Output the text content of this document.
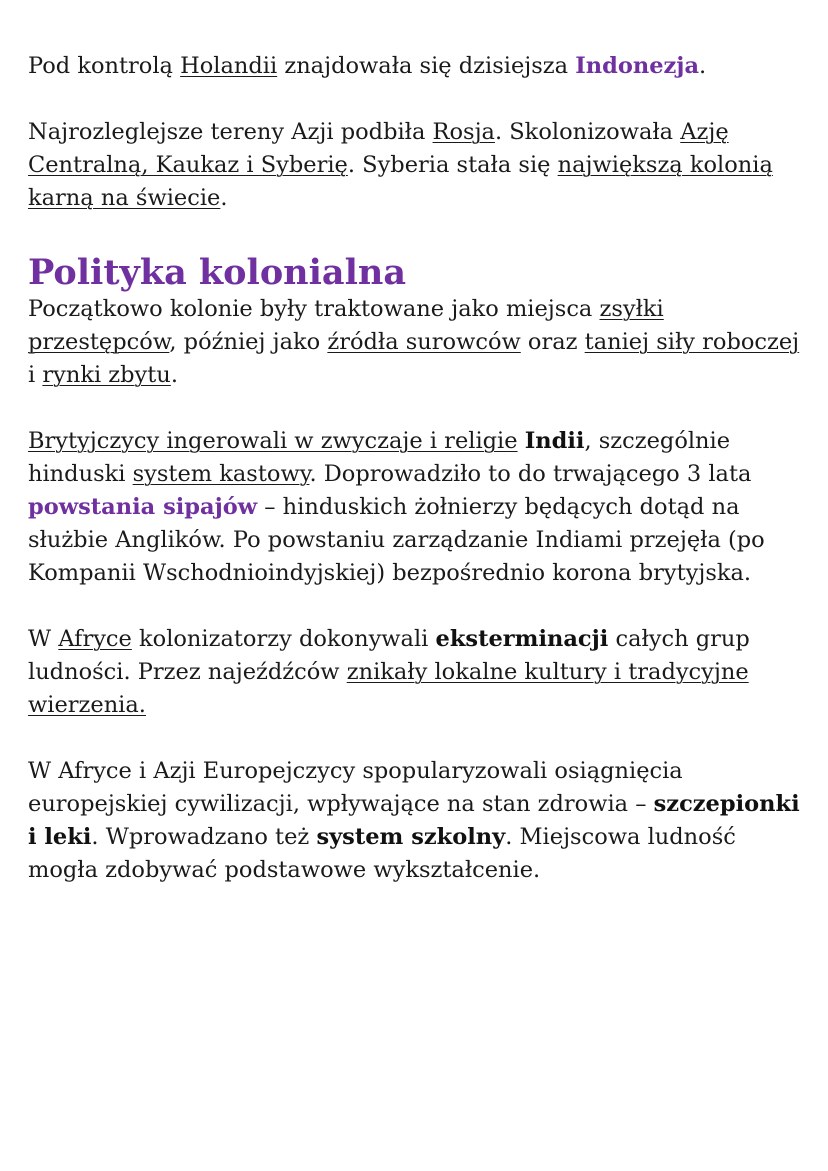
Pod kontrolą Holandii znajdowała się dzisiejsza Indonezja.

Najrozleglejsze tereny Azji podbiła Rosja. Skolonizowała Azję Centralną, Kaukaz i Syberię. Syberia stała się największą kolonią karną na świecie.

Polityka kolonialna

Początkowo kolonie były traktowane jako miejsca zsyłki przestępców, później jako źródła surowców oraz taniej siły roboczej i rynki zbytu.

Brytyjczycy ingerowali w zwyczaje i religie Indii, szczególnie hinduski system kastowy. Doprowadziło to do trwającego 3 lata powstania sipajów – hinduskich żołnierzy będących dotąd na służbie Anglików. Po powstaniu zarządzanie Indiami przejęła (po Kompanii Wschodnioindyjskiej) bezpośrednio korona brytyjska.

W Afryce kolonizatorzy dokonywali eksterminacji całych grup ludności. Przez najeźdźców znikały lokalne kultury i tradycyjne wierzenia.

W Afryce i Azji Europejczycy spopularyzowali osiągnięcia europejskiej cywilizacji, wpływające na stan zdrowia – szczepionki i leki. Wprowadzano też system szkolny. Miejscowa ludność mogła zdobywać podstawowe wykształcenie.
